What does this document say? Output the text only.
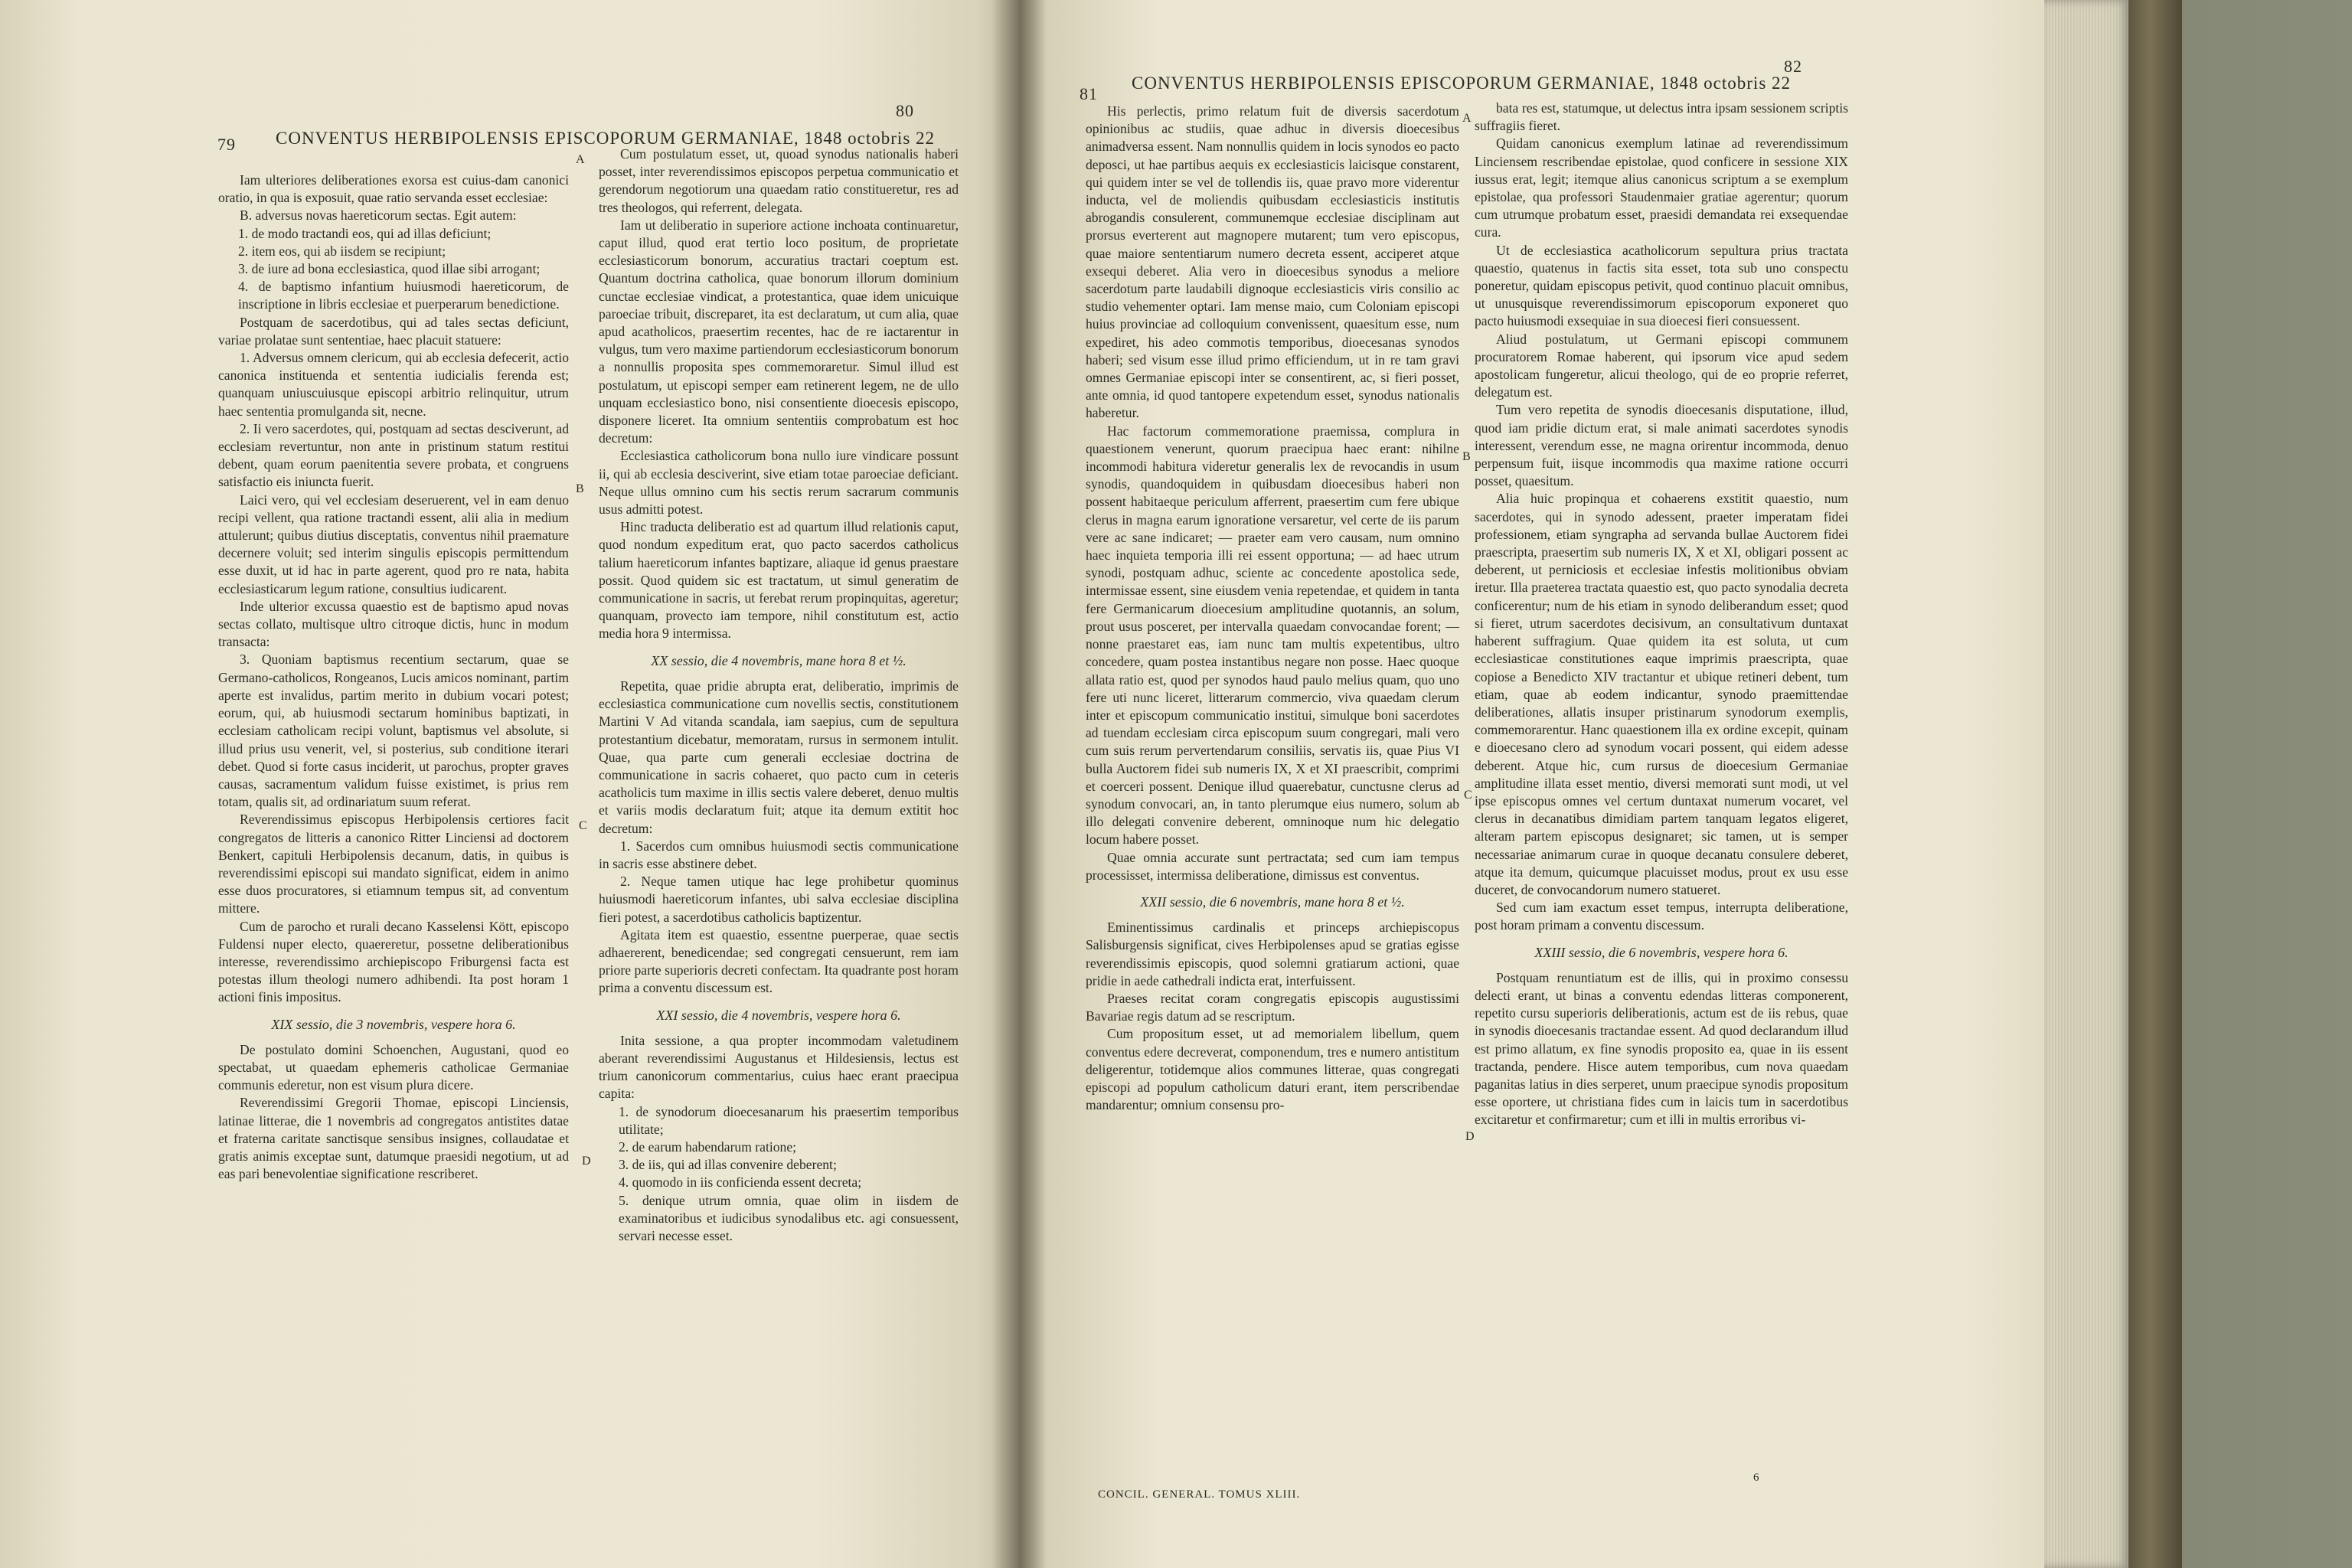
79 CONVENTUS HERBIPOLENSIS EPISCOPORUM GERMANIAE, 1848 octobris 22
80

Iam ulteriores deliberationes exorsa est cuius-dam canonici oratio, in qua is exposuit, quae ratio servanda esset ecclesiae:

B. adversus novas haereticorum sectas. Egit autem:

1. de modo tractandi eos, qui ad illas deficiunt;

2. item eos, qui ab iisdem se recipiunt;

3. de iure ad bona ecclesiastica, quod illae sibi arrogant;

4. de baptismo infantium huiusmodi haereticorum, de inscriptione in libris ecclesiae et puerperarum benedictione.

Postquam de sacerdotibus, qui ad tales sectas deficiunt, variae prolatae sunt sententiae, haec placuit statuere:

1. Adversus omnem clericum, qui ab ecclesia defecerit, actio canonica instituenda et sententia iudicialis ferenda est; quanquam uniuscuiusque episcopi arbitrio relinquitur, utrum haec sententia promulganda sit, necne.

2. Ii vero sacerdotes, qui, postquam ad sectas desciverunt, ad ecclesiam revertuntur, non ante in pristinum statum restitui debent, quam eorum paenitentia severe probata, et congruens satisfactio eis iniuncta fuerit.

Laici vero, qui vel ecclesiam deseruerent, vel in eam denuo recipi vellent, qua ratione tractandi essent, alii alia in medium attulerunt; quibus diutius disceptatis, conventus nihil praemature decernere voluit; sed interim singulis episcopis permittendum esse duxit, ut id hac in parte agerent, quod pro re nata, habita ecclesiasticarum legum ratione, consultius iudicarent.

Inde ulterior excussa quaestio est de baptismo apud novas sectas collato, multisque ultro citroque dictis, hunc in modum transacta:

3. Quoniam baptismus recentium sectarum, quae se Germano-catholicos, Rongeanos, Lucis amicos nominant, partim aperte est invalidus, partim merito in dubium vocari potest; eorum, qui, ab huiusmodi sectarum hominibus baptizati, in ecclesiam catholicam recipi volunt, baptismus vel absolute, si illud prius usu venerit, vel, si posterius, sub conditione iterari debet. Quod si forte casus inciderit, ut parochus, propter graves causas, sacramentum validum fuisse existimet, is prius rem totam, qualis sit, ad ordinariatum suum referat.

Reverendissimus episcopus Herbipolensis certiores facit congregatos de litteris a canonico Ritter Linciensi ad doctorem Benkert, capituli Herbipolensis decanum, datis, in quibus is reverendissimi episcopi sui mandato significat, eidem in animo esse duos procuratores, si etiamnum tempus sit, ad conventum mittere.

Cum de parocho et rurali decano Kasselensi Kött, episcopo Fuldensi nuper electo, quaereretur, possetne deliberationibus interesse, reverendissimo archiepiscopo Friburgensi facta est potestas illum theologi numero adhibendi. Ita post horam 1 actioni finis impositus.

XIX sessio, die 3 novembris, vespere hora 6.

De postulato domini Schoenchen, Augustani, quod eo spectabat, ut quaedam ephemeris catholicae Germaniae communis ederetur, non est visum plura dicere.

Reverendissimi Gregorii Thomae, episcopi Linciensis, latinae litterae, die 1 novembris ad congregatos antistites datae et fraterna caritate sanctisque sensibus insignes, collaudatae et gratis animis exceptae sunt, datumque praesidi negotium, ut ad eas pari benevolentiae significatione rescriberet.

Cum postulatum esset, ut, quoad synodus nationalis haberi posset, inter reverendissimos episcopos perpetua communicatio et gerendorum negotiorum una quaedam ratio constitueretur, res ad tres theologos, qui referrent, delegata.

Iam ut deliberatio in superiore actione inchoata continuaretur, caput illud, quod erat tertio loco positum, de proprietate ecclesiasticorum bonorum, accuratius tractari coeptum est. Quantum doctrina catholica, quae bonorum illorum dominium cunctae ecclesiae vindicat, a protestantica, quae idem unicuique paroeciae tribuit, discreparet, ita est declaratum, ut cum alia, quae apud acatholicos, praesertim recentes, hac de re iactarentur in vulgus, tum vero maxime partiendorum ecclesiasticorum bonorum a nonnullis proposita spes commemoraretur. Simul illud est postulatum, ut episcopi semper eam retinerent legem, ne de ullo unquam ecclesiastico bono, nisi consentiente dioecesis episcopo, disponere liceret. Ita omnium sententiis comprobatum est hoc decretum:

Ecclesiastica catholicorum bona nullo iure vindicare possunt ii, qui ab ecclesia desciverint, sive etiam totae paroeciae deficiant. Neque ullus omnino cum his sectis rerum sacrarum communis usus admitti potest.

Hinc traducta deliberatio est ad quartum illud relationis caput, quod nondum expeditum erat, quo pacto sacerdos catholicus talium haereticorum infantes baptizare, aliaque id genus praestare possit. Quod quidem sic est tractatum, ut simul generatim de communicatione in sacris, ut ferebat rerum propinquitas, ageretur; quanquam, provecto iam tempore, nihil constitutum est, actio media hora 9 intermissa.

XX sessio, die 4 novembris, mane hora 8 et ½.

Repetita, quae pridie abrupta erat, deliberatio, imprimis de ecclesiastica communicatione cum novellis sectis, constitutionem Martini V Ad vitanda scandala, iam saepius, cum de sepultura protestantium dicebatur, memoratam, rursus in sermonem intulit. Quae, qua parte cum generali ecclesiae doctrina de communicatione in sacris cohaeret, quo pacto cum in ceteris acatholicis tum maxime in illis sectis valere deberet, denuo multis et variis modis declaratum fuit; atque ita demum extitit hoc decretum:

1. Sacerdos cum omnibus huiusmodi sectis communicatione in sacris esse abstinere debet.

2. Neque tamen utique hac lege prohibetur quominus huiusmodi haereticorum infantes, ubi salva ecclesiae disciplina fieri potest, a sacerdotibus catholicis baptizentur.

Agitata item est quaestio, essentne puerperae, quae sectis adhaererent, benedicendae; sed congregati censuerunt, rem iam priore parte superioris decreti confectam. Ita quadrante post horam prima a conventu discessum est.

XXI sessio, die 4 novembris, vespere hora 6.

Inita sessione, a qua propter incommodam valetudinem aberant reverendissimi Augustanus et Hildesiensis, lectus est trium canonicorum commentarius, cuius haec erant praecipua capita:

1. de synodorum dioecesanarum his praesertim temporibus utilitate;

2. de earum habendarum ratione;

3. de iis, qui ad illas convenire deberent;

4. quomodo in iis conficienda essent decreta;

5. denique utrum omnia, quae olim in iisdem de examinatoribus et iudicibus synodalibus etc. agi consuessent, servari necesse esset.

A
B
C
D
81
CONVENTUS HERBIPOLENSIS EPISCOPORUM GERMANIAE, 1848 octobris 22
82

His perlectis, primo relatum fuit de diversis sacerdotum opinionibus ac studiis, quae adhuc in diversis dioecesibus animadversa essent. Nam nonnullis quidem in locis synodos eo pacto deposci, ut hae partibus aequis ex ecclesiasticis laicisque constarent, qui quidem inter se vel de tollendis iis, quae pravo more viderentur inducta, vel de moliendis quibusdam ecclesiasticis institutis abrogandis consulerent, communemque ecclesiae disciplinam aut prorsus everterent aut magnopere mutarent; tum vero episcopus, quae maiore sententiarum numero decreta essent, acciperet atque exsequi deberet. Alia vero in dioecesibus synodus a meliore sacerdotum parte laudabili dignoque ecclesiasticis viris consilio ac studio vehementer optari. Iam mense maio, cum Coloniam episcopi huius provinciae ad colloquium convenissent, quaesitum esse, num expediret, his adeo commotis temporibus, dioecesanas synodos haberi; sed visum esse illud primo efficiendum, ut in re tam gravi omnes Germaniae episcopi inter se consentirent, ac, si fieri posset, ante omnia, id quod tantopere expetendum esset, synodus nationalis haberetur.

Hac factorum commemoratione praemissa, complura in quaestionem venerunt, quorum praecipua haec erant: nihilne incommodi habitura videretur generalis lex de revocandis in usum synodis, quandoquidem in quibusdam dioecesibus haberi non possent habitaeque periculum afferrent, praesertim cum fere ubique clerus in magna earum ignoratione versaretur, vel certe de iis parum vere ac sane indicaret; — praeter eam vero causam, num omnino haec inquieta temporia illi rei essent opportuna; — ad haec utrum synodi, postquam adhuc, sciente ac concedente apostolica sede, intermissae essent, sine eiusdem venia repetendae, et quidem in tanta fere Germanicarum dioecesium amplitudine quotannis, an solum, prout usus posceret, per intervalla quaedam convocandae forent; — nonne praestaret eas, iam nunc tam multis expetentibus, ultro concedere, quam postea instantibus negare non posse. Haec quoque allata ratio est, quod per synodos haud paulo melius quam, quo uno fere uti nunc liceret, litterarum commercio, viva quaedam clerum inter et episcopum communicatio institui, simulque boni sacerdotes ad tuendam ecclesiam circa episcopum suum congregari, mali vero cum suis rerum pervertendarum consiliis, servatis iis, quae Pius VI bulla Auctorem fidei sub numeris IX, X et XI praescribit, comprimi et coerceri possent. Denique illud quaerebatur, cunctusne clerus ad synodum convocari, an, in tanto plerumque eius numero, solum ab illo delegati convenire deberent, omninoque num hic delegatio locum habere posset.

Quae omnia accurate sunt pertractata; sed cum iam tempus processisset, intermissa deliberatione, dimissus est conventus.

XXII sessio, die 6 novembris, mane hora 8 et ½.

Eminentissimus cardinalis et princeps archiepiscopus Salisburgensis significat, cives Herbipolenses apud se gratias egisse reverendissimis episcopis, quod solemni gratiarum actioni, quae pridie in aede cathedrali indicta erat, interfuissent.

Praeses recitat coram congregatis episcopis augustissimi Bavariae regis datum ad se rescriptum.

Cum propositum esset, ut ad memorialem libellum, quem conventus edere decreverat, componendum, tres e numero antistitum deligerentur, totidemque alios communes litterae, quas congregati episcopi ad populum catholicum daturi erant, item perscribendae mandarentur; omnium consensu pro-

bata res est, statumque, ut delectus intra ipsam sessionem scriptis suffragiis fieret.

Quidam canonicus exemplum latinae ad reverendissimum Linciensem rescribendae epistolae, quod conficere in sessione XIX iussus erat, legit; itemque alius canonicus scriptum a se exemplum epistolae, qua professori Staudenmaier gratiae agerentur; quorum cum utrumque probatum esset, praesidi demandata rei exsequendae cura.

Ut de ecclesiastica acatholicorum sepultura prius tractata quaestio, quatenus in factis sita esset, tota sub uno conspectu poneretur, quidam episcopus petivit, quod continuo placuit omnibus, ut unusquisque reverendissimorum episcoporum exponeret quo pacto huiusmodi exsequiae in sua dioecesi fieri consuessent.

Aliud postulatum, ut Germani episcopi communem procuratorem Romae haberent, qui ipsorum vice apud sedem apostolicam fungeretur, alicui theologo, qui de eo proprie referret, delegatum est.

Tum vero repetita de synodis dioecesanis disputatione, illud, quod iam pridie dictum erat, si male animati sacerdotes synodis interessent, verendum esse, ne magna orirentur incommoda, denuo perpensum fuit, iisque incommodis qua maxime ratione occurri posset, quaesitum.

Alia huic propinqua et cohaerens exstitit quaestio, num sacerdotes, qui in synodo adessent, praeter imperatam fidei professionem, etiam syngrapha ad servanda bullae Auctorem fidei praescripta, praesertim sub numeris IX, X et XI, obligari possent ac deberent, ut perniciosis et ecclesiae infestis molitionibus obviam iretur. Illa praeterea tractata quaestio est, quo pacto synodalia decreta conficerentur; num de his etiam in synodo deliberandum esset; quod si fieret, utrum sacerdotes decisivum, an consultativum duntaxat haberent suffragium. Quae quidem ita est soluta, ut cum ecclesiasticae constitutiones eaque imprimis praescripta, quae copiose a Benedicto XIV tractantur et ubique retineri debent, tum etiam, quae ab eodem indicantur, synodo praemittendae deliberationes, allatis insuper pristinarum synodorum exemplis, commemorarentur. Hanc quaestionem illa ex ordine excepit, quinam e dioecesano clero ad synodum vocari possent, qui eidem adesse deberent. Atque hic, cum rursus de dioecesium Germaniae amplitudine illata esset mentio, diversi memorati sunt modi, ut vel ipse episcopus omnes vel certum duntaxat numerum vocaret, vel clerus in decanatibus dimidiam partem tanquam legatos eligeret, alteram partem episcopus designaret; sic tamen, ut is semper necessariae animarum curae in quoque decanatu consulere deberet, atque ita demum, quicumque placuisset modus, prout ex usu esse duceret, de convocandorum numero statueret.

Sed cum iam exactum esset tempus, interrupta deliberatione, post horam primam a conventu discessum.

XXIII sessio, die 6 novembris, vespere hora 6.

Postquam renuntiatum est de illis, qui in proximo consessu delecti erant, ut binas a conventu edendas litteras componerent, repetito cursu superioris deliberationis, actum est de iis rebus, quae in synodis dioecesanis tractandae essent. Ad quod declarandum illud est primo allatum, ex fine synodis proposito ea, quae in iis essent tractanda, pendere. Hisce autem temporibus, cum nova quaedam paganitas latius in dies serperet, unum praecipue synodis propositum esse oportere, ut christiana fides cum in laicis tum in sacerdotibus excitaretur et confirmaretur; cum et illi in multis erroribus vi-

A
B
C
D
CONCIL. GENERAL. TOMUS XLIII.
6
